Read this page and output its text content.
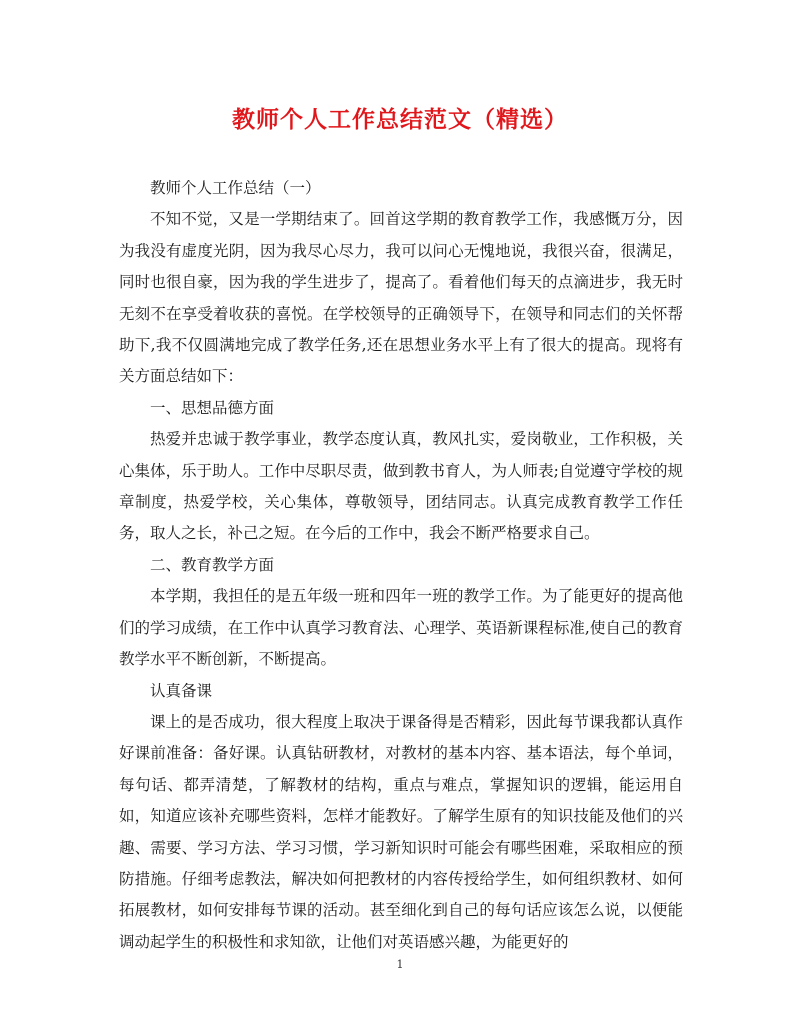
教师个人工作总结范文（精选）

教师个人工作总结（一）

不知不觉，又是一学期结束了。回首这学期的教育教学工作，我感慨万分，因为我没有虚度光阴，因为我尽心尽力，我可以问心无愧地说，我很兴奋，很满足，同时也很自豪，因为我的学生进步了，提高了。看着他们每天的点滴进步，我无时无刻不在享受着收获的喜悦。在学校领导的正确领导下，在领导和同志们的关怀帮助下,我不仅圆满地完成了教学任务,还在思想业务水平上有了很大的提高。现将有关方面总结如下：

一、思想品德方面

热爱并忠诚于教学事业，教学态度认真，教风扎实，爱岗敬业，工作积极，关心集体，乐于助人。工作中尽职尽责，做到教书育人，为人师表;自觉遵守学校的规章制度，热爱学校，关心集体，尊敬领导，团结同志。认真完成教育教学工作任务，取人之长，补己之短。在今后的工作中，我会不断严格要求自己。

二、教育教学方面

本学期，我担任的是五年级一班和四年一班的教学工作。为了能更好的提高他们的学习成绩，在工作中认真学习教育法、心理学、英语新课程标准,使自己的教育教学水平不断创新，不断提高。

认真备课

课上的是否成功，很大程度上取决于课备得是否精彩，因此每节课我都认真作好课前准备：备好课。认真钻研教材，对教材的基本内容、基本语法，每个单词，每句话、都弄清楚，了解教材的结构，重点与难点，掌握知识的逻辑，能运用自如，知道应该补充哪些资料，怎样才能教好。了解学生原有的知识技能及他们的兴趣、需要、学习方法、学习习惯，学习新知识时可能会有哪些困难，采取相应的预防措施。仔细考虑教法，解决如何把教材的内容传授给学生，如何组织教材、如何拓展教材，如何安排每节课的活动。甚至细化到自己的每句话应该怎么说，以便能调动起学生的积极性和求知欲，让他们对英语感兴趣，为能更好的

1
